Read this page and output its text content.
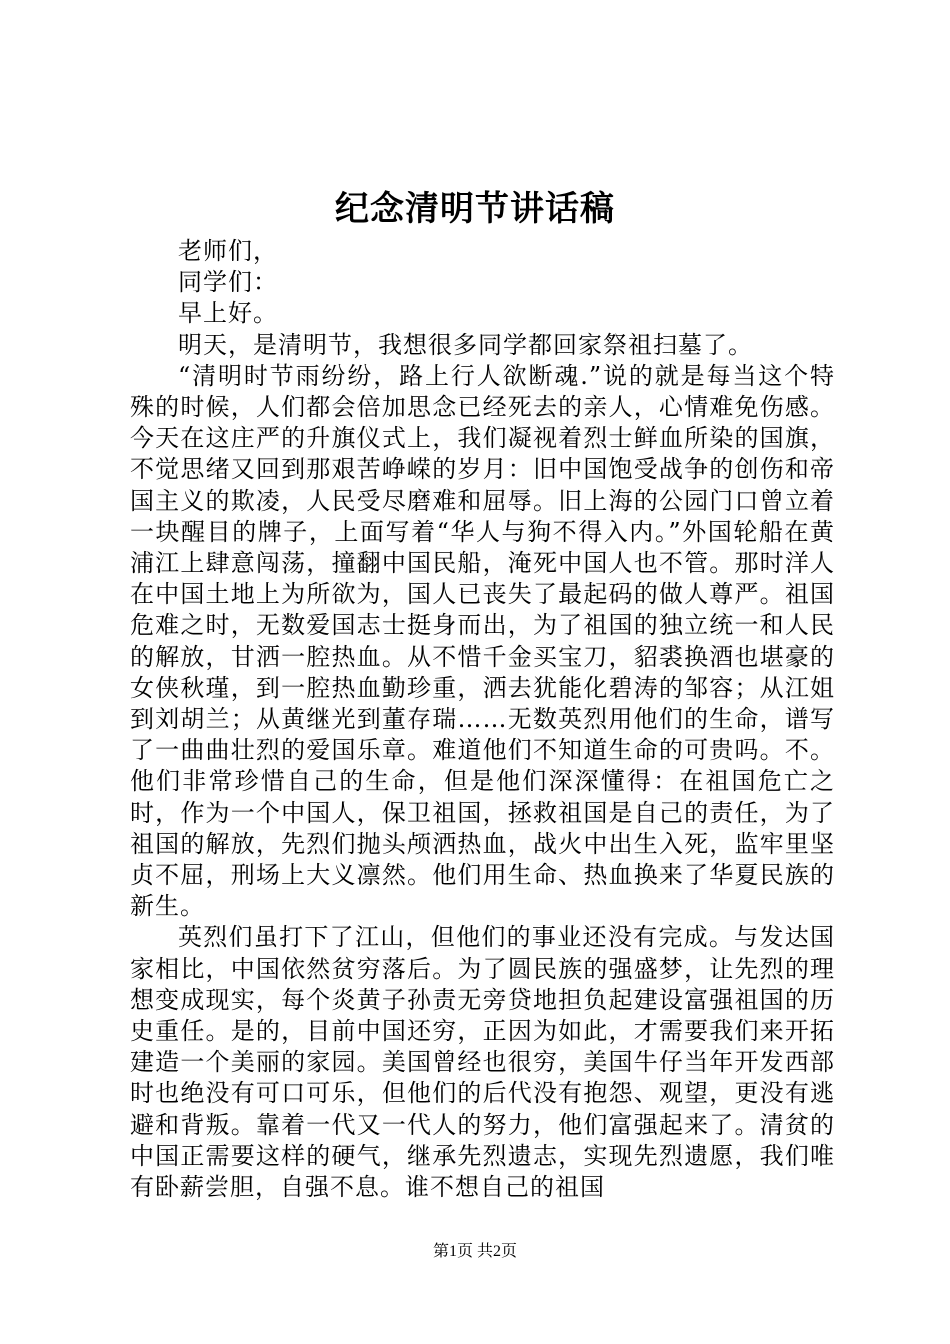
纪念清明节讲话稿

老师们，

同学们：

早上好。

明天，是清明节，我想很多同学都回家祭祖扫墓了。

“清明时节雨纷纷，路上行人欲断魂.”说的就是每当这个特殊的时候，人们都会倍加思念已经死去的亲人，心情难免伤感。今天在这庄严的升旗仪式上，我们凝视着烈士鲜血所染的国旗，不觉思绪又回到那艰苦峥嵘的岁月：旧中国饱受战争的创伤和帝国主义的欺凌，人民受尽磨难和屈辱。旧上海的公园门口曾立着一块醒目的牌子，上面写着“华人与狗不得入内。”外国轮船在黄浦江上肆意闯荡，撞翻中国民船，淹死中国人也不管。那时洋人在中国土地上为所欲为，国人已丧失了最起码的做人尊严。祖国危难之时，无数爱国志士挺身而出，为了祖国的独立统一和人民的解放，甘洒一腔热血。从不惜千金买宝刀，貂裘换酒也堪豪的女侠秋瑾，到一腔热血勤珍重，洒去犹能化碧涛的邹容；从江姐到刘胡兰；从黄继光到董存瑞……无数英烈用他们的生命，谱写了一曲曲壮烈的爱国乐章。难道他们不知道生命的可贵吗。不。他们非常珍惜自己的生命，但是他们深深懂得：在祖国危亡之时，作为一个中国人，保卫祖国，拯救祖国是自己的责任，为了祖国的解放，先烈们抛头颅洒热血，战火中出生入死，监牢里坚贞不屈，刑场上大义凛然。他们用生命、热血换来了华夏民族的新生。

英烈们虽打下了江山，但他们的事业还没有完成。与发达国家相比，中国依然贫穷落后。为了圆民族的强盛梦，让先烈的理想变成现实，每个炎黄子孙责无旁贷地担负起建设富强祖国的历史重任。是的，目前中国还穷，正因为如此，才需要我们来开拓建造一个美丽的家园。美国曾经也很穷，美国牛仔当年开发西部时也绝没有可口可乐，但他们的后代没有抱怨、观望，更没有逃避和背叛。靠着一代又一代人的努力，他们富强起来了。清贫的中国正需要这样的硬气，继承先烈遗志，实现先烈遗愿，我们唯有卧薪尝胆，自强不息。谁不想自己的祖国

第1页 共2页
